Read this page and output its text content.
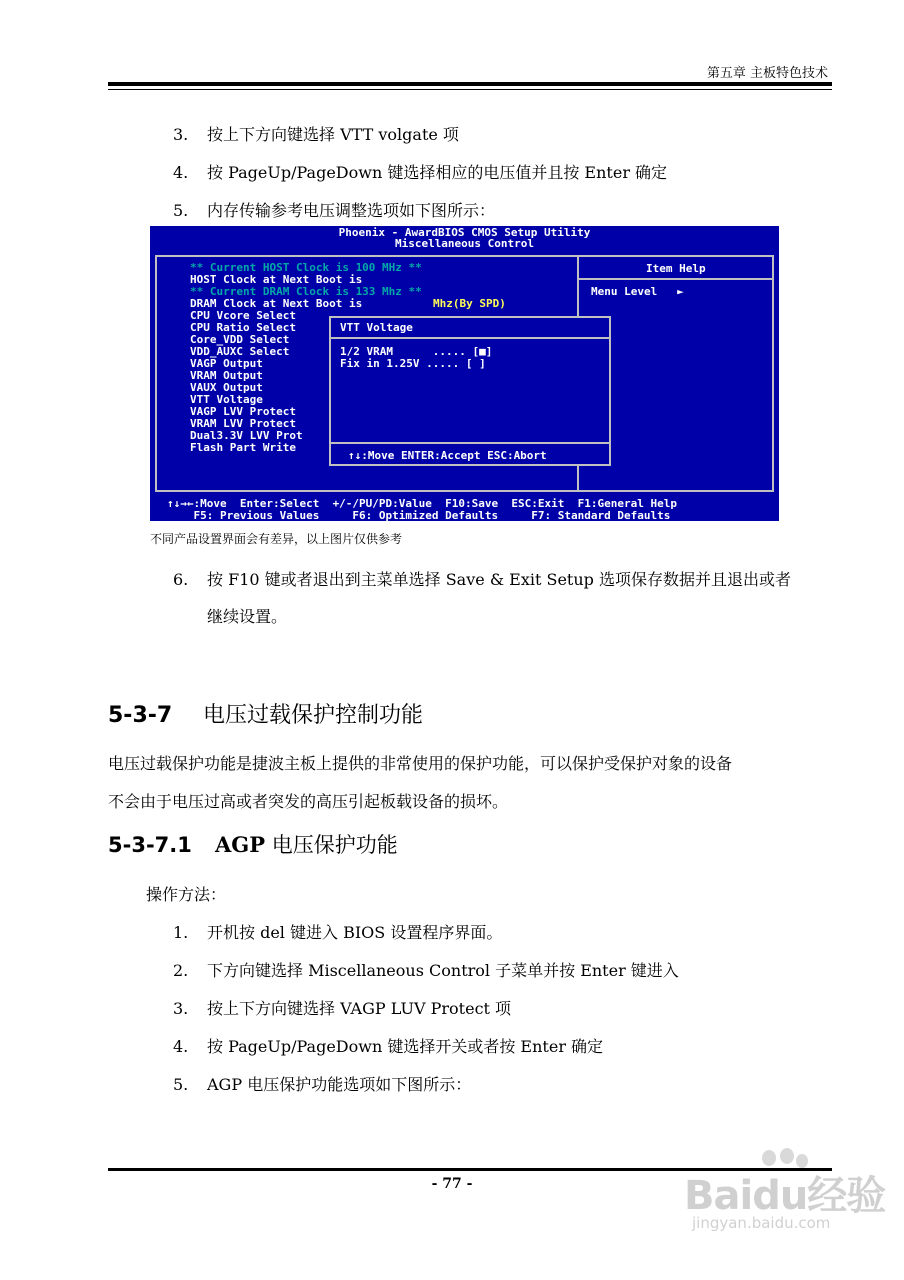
第五章 主板特色技术
3. 按上下方向键选择 VTT volgate 项
4. 按 PageUp/PageDown 键选择相应的电压值并且按 Enter 确定
5. 内存传输参考电压调整选项如下图所示：
Phoenix - AwardBIOS CMOS Setup Utility
Miscellaneous Control
** Current HOST Clock is 100 MHz **
HOST Clock at Next Boot is
** Current DRAM Clock is 133 Mhz **
DRAM Clock at Next Boot is	Mhz(By SPD)
CPU Vcore Select
CPU Ratio Select
Core_VDD Select
VDD_AUXC Select
VAGP Output
VRAM Output
VAUX Output
VTT Voltage
VAGP LVV Protect
VRAM LVV Protect
Dual3.3V LVV Prot
Flash Part Write
Item Help
Menu Level   ►

VTT Voltage

1/2 VRAM      ..... [■]

Fix in 1.25V ..... [ ]

↑↓:Move ENTER:Accept ESC:Abort

↑↓→←:Move  Enter:Select  +/-/PU/PD:Value  F10:Save  ESC:Exit  F1:General Help
F5: Previous Values     F6: Optimized Defaults     F7: Standard Defaults
不同产品设置界面会有差异，以上图片仅供参考
6. 按 F10 键或者退出到主菜单选择 Save & Exit Setup 选项保存数据并且退出或者
继续设置。
5-3-7 电压过载保护控制功能
电压过载保护功能是捷波主板上提供的非常使用的保护功能，可以保护受保护对象的设备
不会由于电压过高或者突发的高压引起板载设备的损坏。
5-3-7.1 AGP 电压保护功能
操作方法：
1. 开机按 del 键进入 BIOS 设置程序界面。
2. 下方向键选择 Miscellaneous Control 子菜单并按 Enter 键进入
3. 按上下方向键选择 VAGP LUV Protect 项
4. 按 PageUp/PageDown 键选择开关或者按 Enter 确定
5. AGP 电压保护功能选项如下图所示：
- 77 -	Baidu经验
jingyan.baidu.com
